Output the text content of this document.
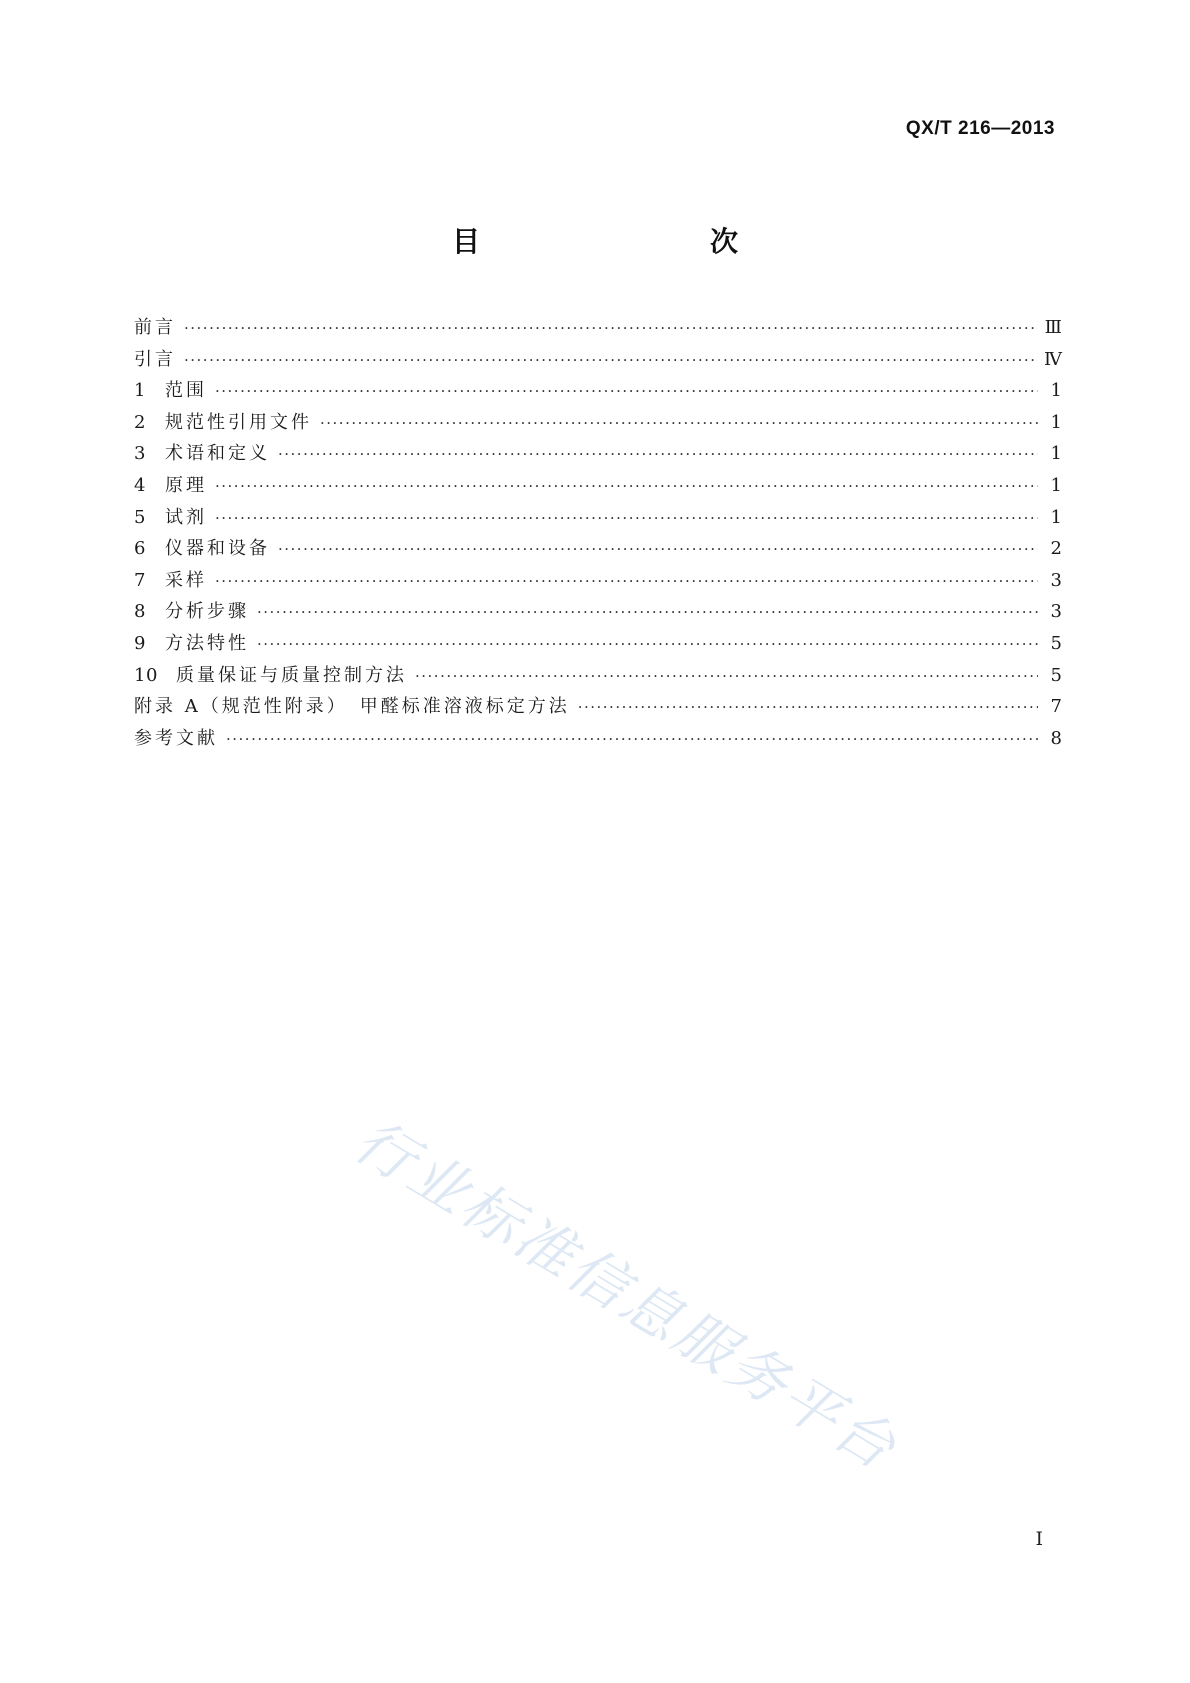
QX/T 216—2013
目　　次
前言 ·····	Ⅲ
引言 ·····	Ⅳ
1	范围 ·····	1
2	规范性引用文件 ·····	1
3	术语和定义 ·····	1
4	原理 ·····	1
5	试剂 ·····	1
6	仪器和设备 ·····	2
7	采样 ·····	3
8	分析步骤 ·····	3
9	方法特性 ·····	5
10	质量保证与质量控制方法 ·····	5
附录 A（规范性附录）　甲醛标准溶液标定方法 ·····	7
参考文献 ·····	8
行业标准信息服务平台
Ⅰ
